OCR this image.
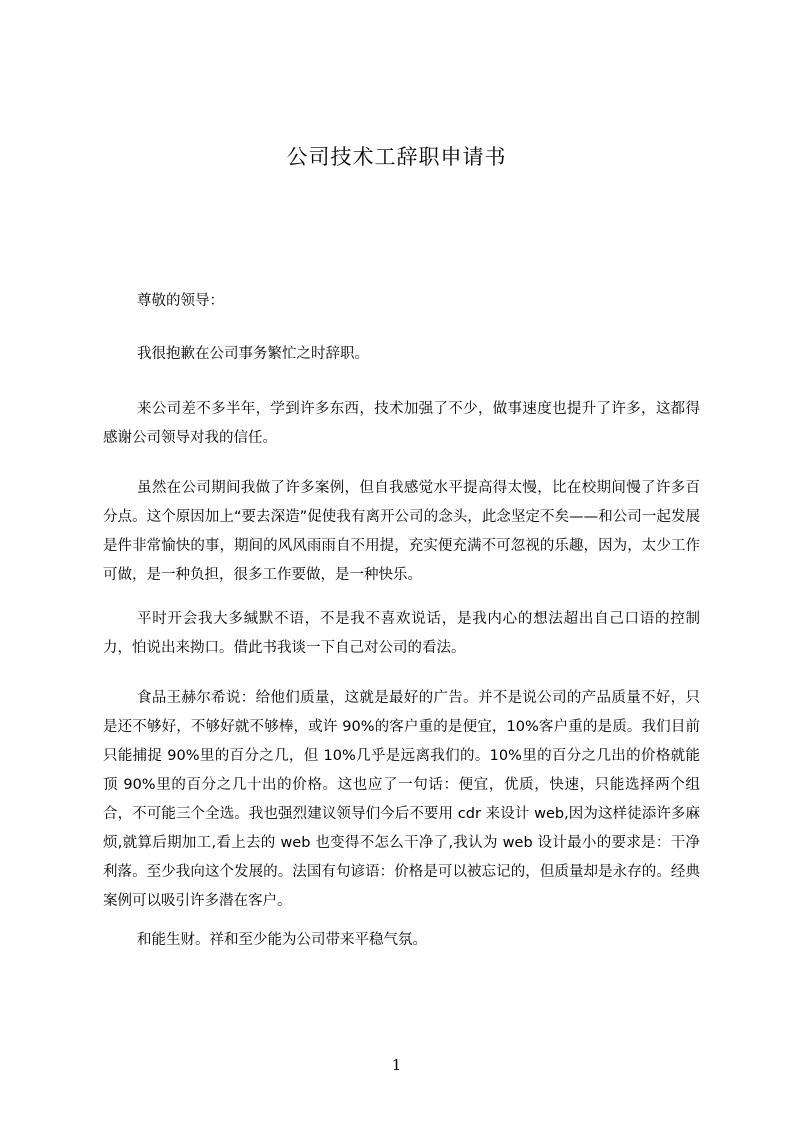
公司技术工辞职申请书

尊敬的领导：

我很抱歉在公司事务繁忙之时辞职。

来公司差不多半年，学到许多东西，技术加强了不少，做事速度也提升了许多，这都得感谢公司领导对我的信任。

虽然在公司期间我做了许多案例，但自我感觉水平提高得太慢，比在校期间慢了许多百分点。这个原因加上“要去深造”促使我有离开公司的念头，此念坚定不矣——和公司一起发展是件非常愉快的事，期间的风风雨雨自不用提，充实便充满不可忽视的乐趣，因为，太少工作可做，是一种负担，很多工作要做，是一种快乐。

平时开会我大多缄默不语，不是我不喜欢说话，是我内心的想法超出自己口语的控制力，怕说出来拗口。借此书我谈一下自己对公司的看法。

食品王赫尔希说：给他们质量，这就是最好的广告。并不是说公司的产品质量不好，只是还不够好，不够好就不够棒，或许 90%的客户重的是便宜，10%客户重的是质。我们目前只能捕捉 90%里的百分之几，但 10%几乎是远离我们的。10%里的百分之几出的价格就能顶 90%里的百分之几十出的价格。这也应了一句话：便宜，优质，快速，只能选择两个组合，不可能三个全选。我也强烈建议领导们今后不要用 cdr 来设计 web,因为这样徒添许多麻烦,就算后期加工,看上去的 web 也变得不怎么干净了,我认为 web 设计最小的要求是：干净利落。至少我向这个发展的。法国有句谚语：价格是可以被忘记的，但质量却是永存的。经典案例可以吸引许多潜在客户。

和能生财。祥和至少能为公司带来平稳气氛。

1
